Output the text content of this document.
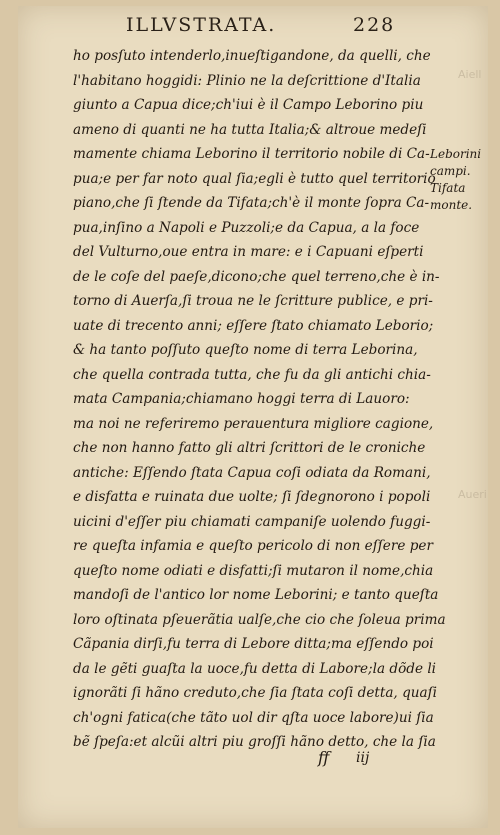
ILLVSTRATA.	228
ho posſuto intenderlo,inueſtigandone, da quelli, che
l'habitano hoggidi: Plinio ne la deſcrittione d'Italia
giunto a Capua dice;ch'iui è il Campo Leborino piu
ameno di quanti ne ha tutta Italia;& altroue medeſi
mamente chiama Leborino il territorio nobile di Ca-
pua;e per far noto qual ſia;egli è tutto quel territorio
piano,che ſi ſtende da Tifata;ch'è il monte ſopra Ca-
pua,inſino a Napoli e Puzzoli;e da Capua, a la foce
del Vulturno,oue entra in mare: e i Capuani eſperti
de le coſe del paeſe,dicono;che quel terreno,che è in-
torno di Auerſa,ſi troua ne le ſcritture publice, e pri-
uate di trecento anni; eſſere ſtato chiamato Leborio;
& ha tanto poſſuto queſto nome di terra Leborina,
che quella contrada tutta, che fu da gli antichi chia-
mata Campania;chiamano hoggi terra di Lauoro:
ma noi ne referiremo perauentura migliore cagione,
che non hanno fatto gli altri ſcrittori de le croniche
antiche: Eſſendo ſtata Capua coſi odiata da Romani,
e disfatta e ruinata due uolte; ſi ſdegnorono i popoli
uicini d'eſſer piu chiamati campaniſe uolendo fuggi-
re queſta infamia e queſto pericolo di non eſſere per
queſto nome odiati e disfatti;ſi mutaron il nome,chia
mandoſi de l'antico lor nome Leborini; e tanto queſta
loro oſtinata pſeuerãtia ualſe,che cio che ſoleua prima
Cãpania dirſi,fu terra di Lebore ditta;ma eſſendo poi
da le gẽti guaſta la uoce,fu detta di Labore;la dõde li
ignorãti ſi hãno creduto,che ſia ſtata coſi detta, quaſi
ch'ogni fatica(che tãto uol dir qſta uoce labore)ui ſia
bẽ ſpeſa:et alcũi altri piu groſſi hãno detto, che la ſia
Leborini
campi.
Tifata
monte.
ff iij
Aiell
Aueri
